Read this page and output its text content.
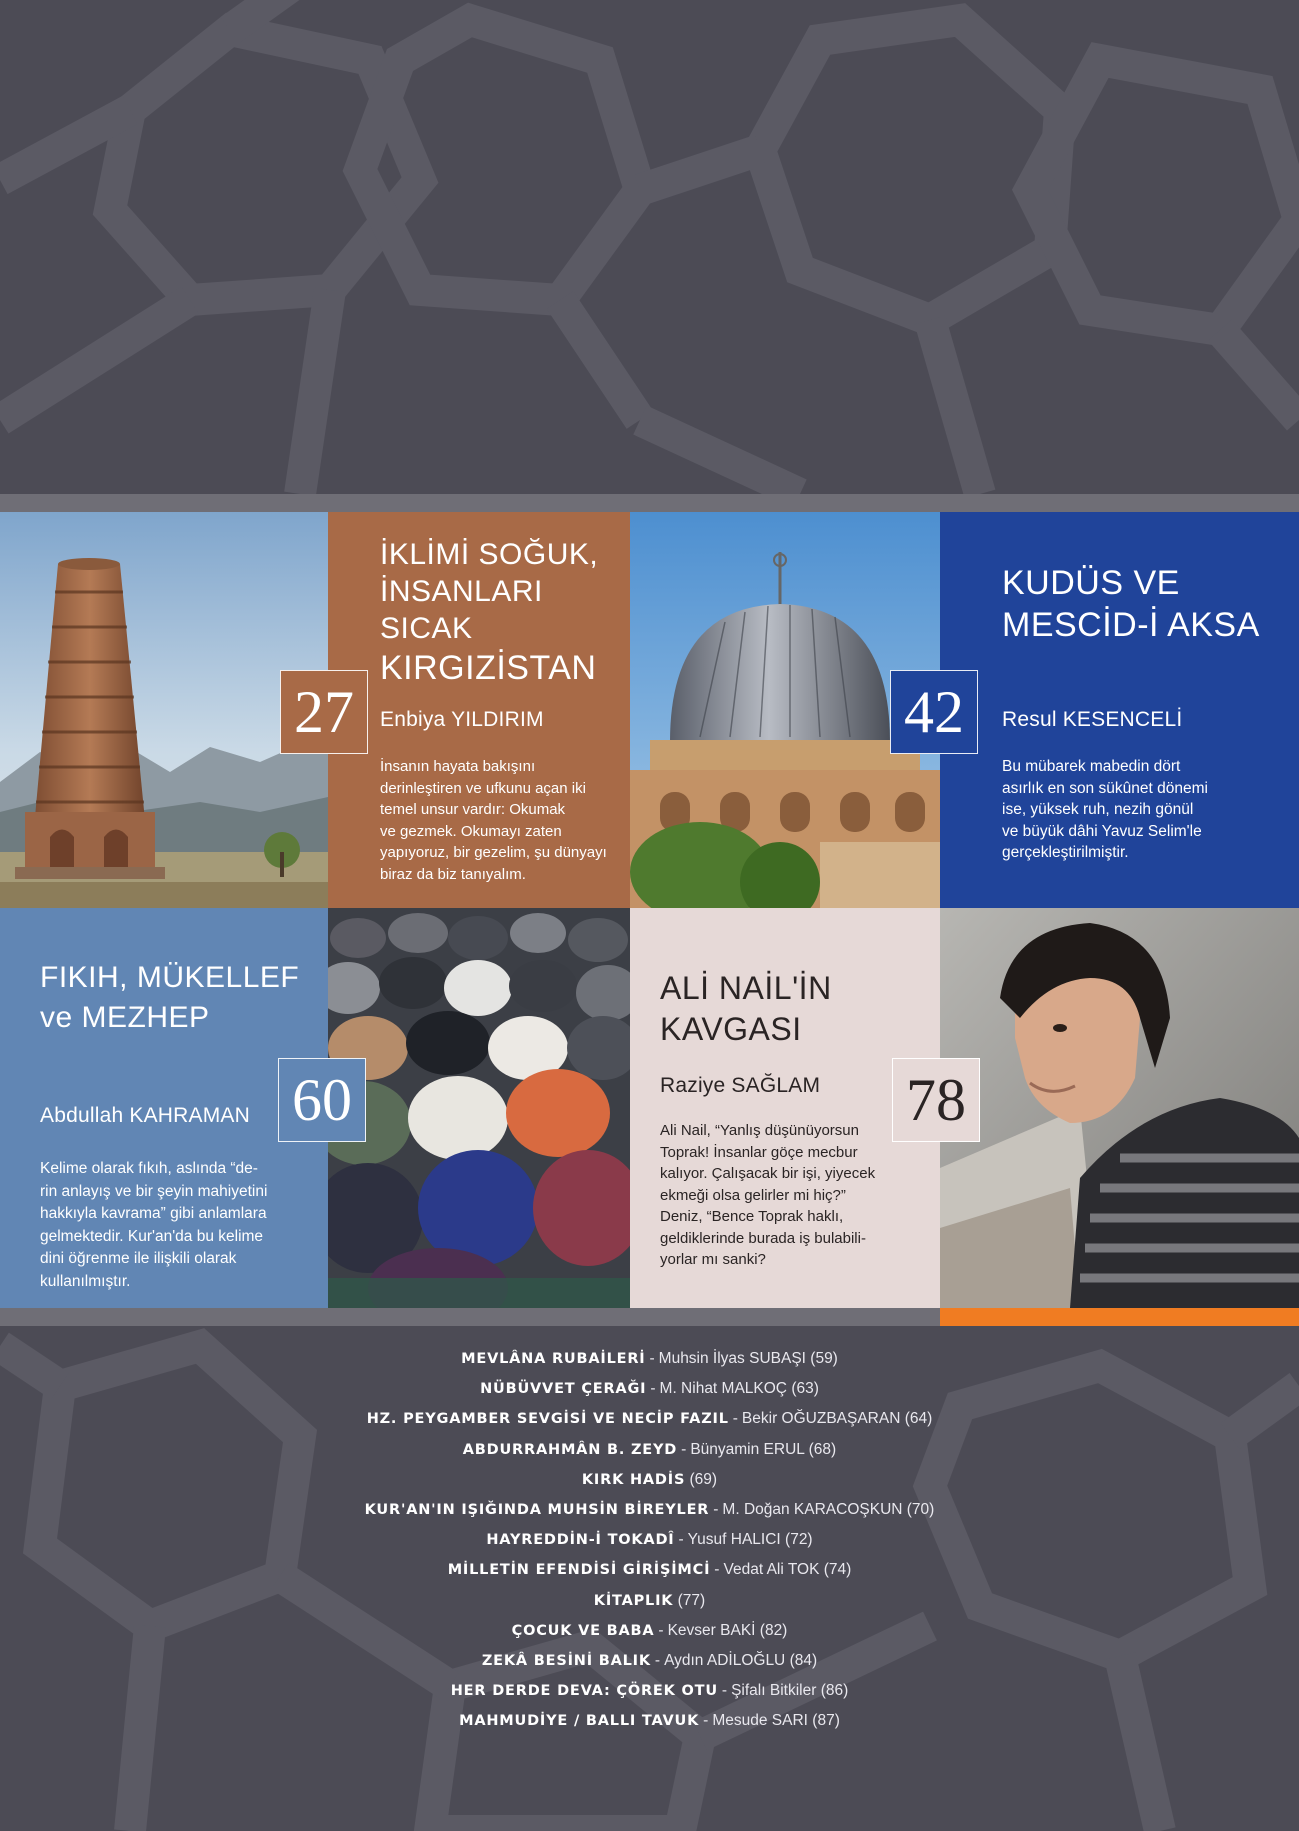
İKLİMİ SOĞUK,
İNSANLARI
SICAK
KIRGIZİSTAN

Enbiya YILDIRIM

İnsanın hayata bakışını
derinleştiren ve ufkunu açan iki
temel unsur vardır: Okumak
ve gezmek. Okumayı zaten
yapıyoruz, bir gezelim, şu dünyayı
biraz da biz tanıyalım.

KUDÜS VE
MESCİD-İ AKSA

Resul KESENCELİ

Bu mübarek mabedin dört
asırlık en son sükûnet dönemi
ise, yüksek ruh, nezih gönül
ve büyük dâhi Yavuz Selim'le
gerçekleştirilmiştir.

27	42
FIKIH, MÜKELLEF
ve MEZHEP

Abdullah KAHRAMAN

Kelime olarak fıkıh, aslında “de-
rin anlayış ve bir şeyin mahiyetini
hakkıyla kavrama” gibi anlamlara
gelmektedir. Kur'an'da bu kelime
dini öğrenme ile ilişkili olarak
kullanılmıştır.

ALİ NAİL'İN
KAVGASI

Raziye SAĞLAM

Ali Nail, “Yanlış düşünüyorsun
Toprak! İnsanlar göçe mecbur
kalıyor. Çalışacak bir işi, yiyecek
ekmeği olsa gelirler mi hiç?”
Deniz, “Bence Toprak haklı,
geldiklerinde burada iş bulabili-
yorlar mı sanki?

60	78
MEVLÂNA RUBAİLERİ - Muhsin İlyas SUBAŞI (59)
NÜBÜVVET ÇERAĞI - M. Nihat MALKOÇ (63)
HZ. PEYGAMBER SEVGİSİ VE NECİP FAZIL - Bekir OĞUZBAŞARAN (64)
ABDURRAHMÂN B. ZEYD - Bünyamin ERUL (68)
KIRK HADİS (69)
KUR'AN'IN IŞIĞINDA MUHSİN BİREYLER - M. Doğan KARACOŞKUN (70)
HAYREDDİN-İ TOKADÎ - Yusuf HALICI (72)
MİLLETİN EFENDİSİ GİRİŞİMCİ - Vedat Ali TOK (74)
KİTAPLIK (77)
ÇOCUK VE BABA - Kevser BAKİ (82)
ZEKÂ BESİNİ BALIK - Aydın ADİLOĞLU (84)
HER DERDE DEVA: ÇÖREK OTU - Şifalı Bitkiler (86)
MAHMUDİYE / BALLI TAVUK - Mesude SARI (87)
